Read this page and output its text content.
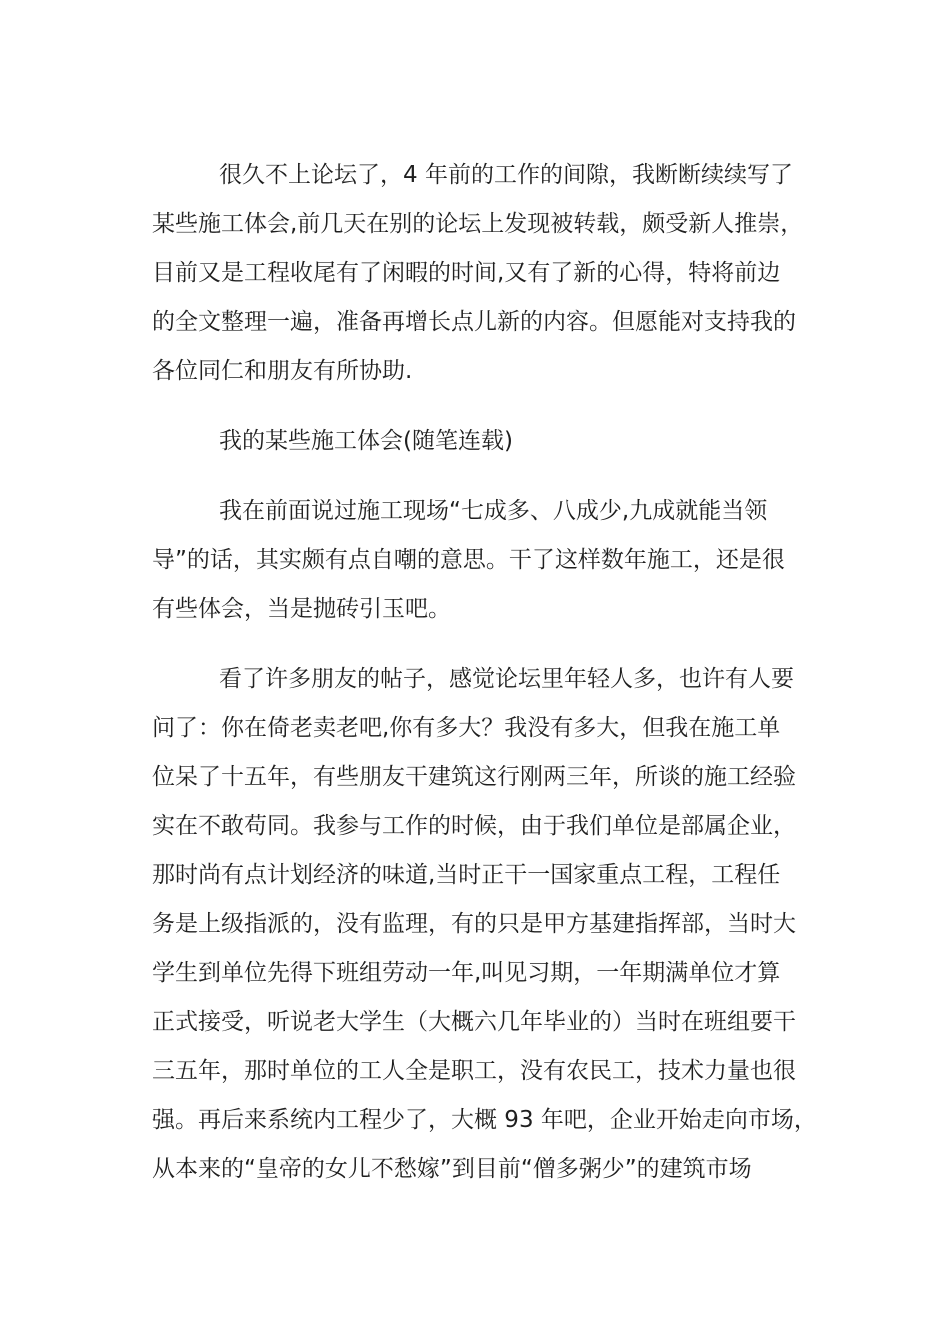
很久不上论坛了，4 年前的工作的间隙，我断断续续写了
某些施工体会,前几天在别的论坛上发现被转载，颇受新人推崇，
目前又是工程收尾有了闲暇的时间,又有了新的心得，特将前边
的全文整理一遍，准备再增长点儿新的内容。但愿能对支持我的
各位同仁和朋友有所协助.
我的某些施工体会(随笔连载)
我在前面说过施工现场“七成多、八成少,九成就能当领
导”的话，其实颇有点自嘲的意思。干了这样数年施工，还是很
有些体会，当是抛砖引玉吧。
看了许多朋友的帖子，感觉论坛里年轻人多，也许有人要
问了：你在倚老卖老吧,你有多大？我没有多大，但我在施工单
位呆了十五年，有些朋友干建筑这行刚两三年，所谈的施工经验
实在不敢苟同。我参与工作的时候，由于我们单位是部属企业，
那时尚有点计划经济的味道,当时正干一国家重点工程，工程任
务是上级指派的，没有监理，有的只是甲方基建指挥部，当时大
学生到单位先得下班组劳动一年,叫见习期，一年期满单位才算
正式接受，听说老大学生（大概六几年毕业的）当时在班组要干
三五年，那时单位的工人全是职工，没有农民工，技术力量也很
强。再后来系统内工程少了，大概 93 年吧，企业开始走向市场，
从本来的“皇帝的女儿不愁嫁”到目前“僧多粥少”的建筑市场
